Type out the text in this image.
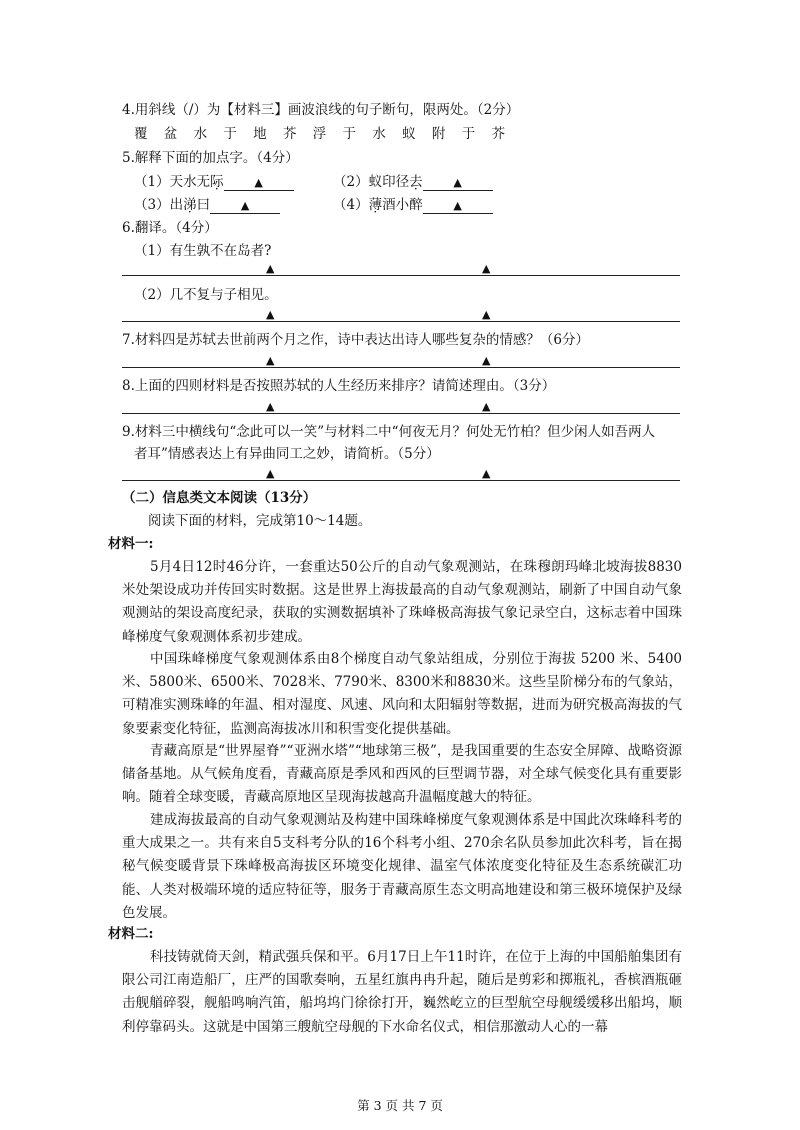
4.用斜线（/）为【材料三】画波浪线的句子断句，限两处。（2分）
覆 盆 水 于 地 芥 浮 于 水 蚁 附 于 芥
5.解释下面的加点字。（4分）
（1）天水无际	▲	（2）蚁印径去	▲
（3）出涕曰	▲	（4）薄酒小醉	▲
6.翻译。（4分）
（1）有生孰不在岛者?
▲	▲
（2）几不复与子相见。
▲	▲
7.材料四是苏轼去世前两个月之作，诗中表达出诗人哪些复杂的情感？（6分）
▲	▲
8.上面的四则材料是否按照苏轼的人生经历来排序？请简述理由。（3分）
▲	▲
9.材料三中横线句“念此可以一笑”与材料二中“何夜无月？何处无竹柏？但少闲人如吾两人
者耳”情感表达上有异曲同工之妙，请简析。（5分）
▲	▲
（二）信息类文本阅读（13分）
阅读下面的材料，完成第10～14题。
材料一:
5月4日12时46分许，一套重达50公斤的自动气象观测站，在珠穆朗玛峰北坡海拔8830米处架设成功并传回实时数据。这是世界上海拔最高的自动气象观测站，刷新了中国自动气象观测站的架设高度纪录，获取的实测数据填补了珠峰极高海拔气象记录空白，这标志着中国珠峰梯度气象观测体系初步建成。
中国珠峰梯度气象观测体系由8个梯度自动气象站组成，分别位于海拔 5200 米、5400米、5800米、6500米、7028米、7790米、8300米和8830米。这些呈阶梯分布的气象站，可精准实测珠峰的年温、相对湿度、风速、风向和太阳辐射等数据，进而为研究极高海拔的气象要素变化特征，监测高海拔冰川和积雪变化提供基础。
青藏高原是“世界屋脊”“亚洲水塔”“地球第三极”，是我国重要的生态安全屏障、战略资源储备基地。从气候角度看，青藏高原是季风和西风的巨型调节器，对全球气候变化具有重要影响。随着全球变暖，青藏高原地区呈现海拔越高升温幅度越大的特征。
建成海拔最高的自动气象观测站及构建中国珠峰梯度气象观测体系是中国此次珠峰科考的重大成果之一。共有来自5支科考分队的16个科考小组、270余名队员参加此次科考，旨在揭秘气候变暖背景下珠峰极高海拔区环境变化规律、温室气体浓度变化特征及生态系统碳汇功能、人类对极端环境的适应特征等，服务于青藏高原生态文明高地建设和第三极环境保护及绿色发展。
材料二:
科技铸就倚天剑，精武强兵保和平。6月17日上午11时许，在位于上海的中国船舶集团有限公司江南造船厂，庄严的国歌奏响，五星红旗冉冉升起，随后是剪彩和掷瓶礼，香槟酒瓶砸击舰艏碎裂，舰船鸣响汽笛，船坞坞门徐徐打开，巍然屹立的巨型航空母舰缓缓移出船坞，顺利停靠码头。这就是中国第三艘航空母舰的下水命名仪式，相信那激动人心的一幕
第 3 页 共 7 页
